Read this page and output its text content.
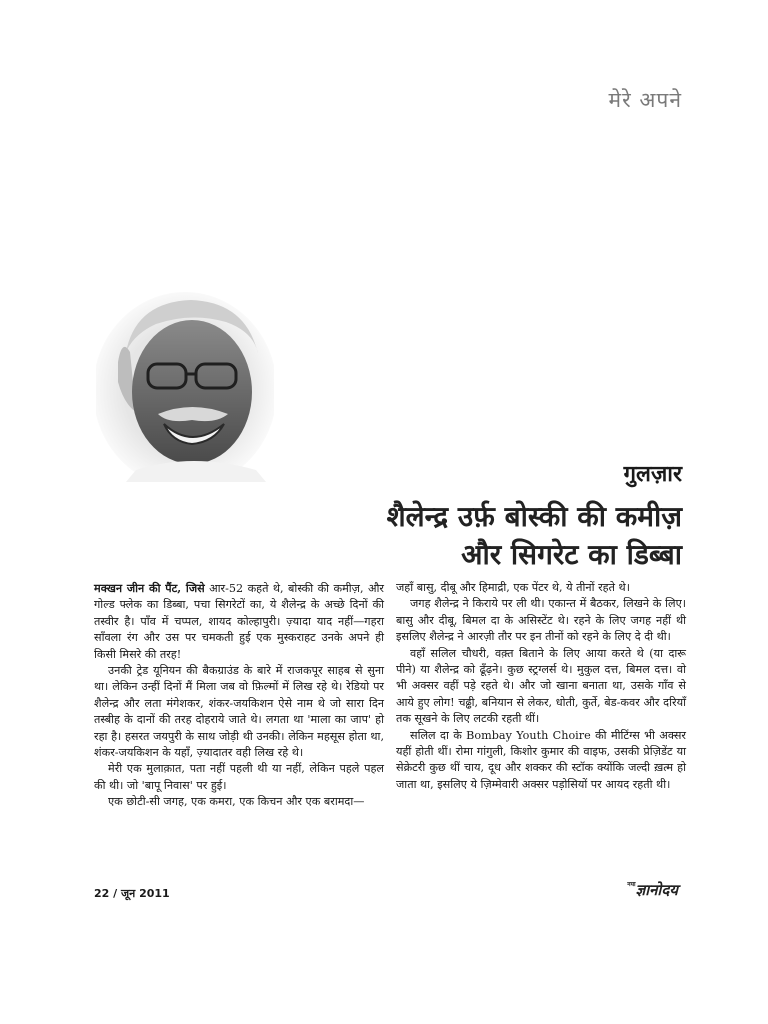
मेरे अपने
गुलज़ार
शैलेन्द्र उर्फ़ बोस्की की कमीज़
और सिगरेट का डिब्बा

मक्खन जीन की पैंट, जिसे आर-52 कहते थे, बोस्की की कमीज़, और गोल्ड फ्लेक का डिब्बा, पचा सिगरेटों का, ये शैलेन्द्र के अच्छे दिनों की तस्वीर है। पाँव में चप्पल, शायद कोल्हापुरी। ज़्यादा याद नहीं—गहरा साँवला रंग और उस पर चमकती हुई एक मुस्कराहट उनके अपने ही किसी मिसरे की तरह!

उनकी ट्रेड यूनियन की बैकग्राउंड के बारे में राजकपूर साहब से सुना था। लेकिन उन्हीं दिनों मैं मिला जब वो फ़िल्मों में लिख रहे थे। रेडियो पर शैलेन्द्र और लता मंगेशकर, शंकर-जयकिशन ऐसे नाम थे जो सारा दिन तस्बीह के दानों की तरह दोहराये जाते थे। लगता था 'माला का जाप' हो रहा है। हसरत जयपुरी के साथ जोड़ी थी उनकी। लेकिन महसूस होता था, शंकर-जयकिशन के यहाँ, ज़्यादातर वही लिख रहे थे।

मेरी एक मुलाक़ात, पता नहीं पहली थी या नहीं, लेकिन पहले पहल की थी। जो 'बापू निवास' पर हुई।

एक छोटी-सी जगह, एक कमरा, एक किचन और एक बरामदा—

जहाँ बासु, दीबू और हिमाद्री, एक पेंटर थे, ये तीनों रहते थे।

जगह शैलेन्द्र ने किराये पर ली थी। एकान्त में बैठकर, लिखने के लिए। बासु और दीबू, बिमल दा के असिस्टेंट थे। रहने के लिए जगह नहीं थी इसलिए शैलेन्द्र ने आरज़ी तौर पर इन तीनों को रहने के लिए दे दी थी।

वहाँ सलिल चौधरी, वक़्त बिताने के लिए आया करते थे (या दारू पीने) या शैलेन्द्र को ढूँढ़ने। कुछ स्ट्रग्लर्स थे। मुकुल दत्त, बिमल दत्त। वो भी अक्सर वहीं पड़े रहते थे। और जो खाना बनाता था, उसके गाँव से आये हुए लोग! चढ्ढी, बनियान से लेकर, धोती, कुर्ते, बेड-कवर और दरियाँ तक सूखने के लिए लटकी रहती थीं।

सलिल दा के Bombay Youth Choire की मीटिंग्स भी अक्सर यहीं होती थीं। रोमा गांगुली, किशोर कुमार की वाइफ, उसकी प्रेज़िडेंट या सेक्रेटरी कुछ थीं चाय, दूध और शक्कर की स्टॉक क्योंकि जल्दी ख़त्म हो जाता था, इसलिए ये ज़िम्मेवारी अक्सर पड़ोसियों पर आयद रहती थी।

22 / जून 2011
$^{नया}$ज्ञानोदय
